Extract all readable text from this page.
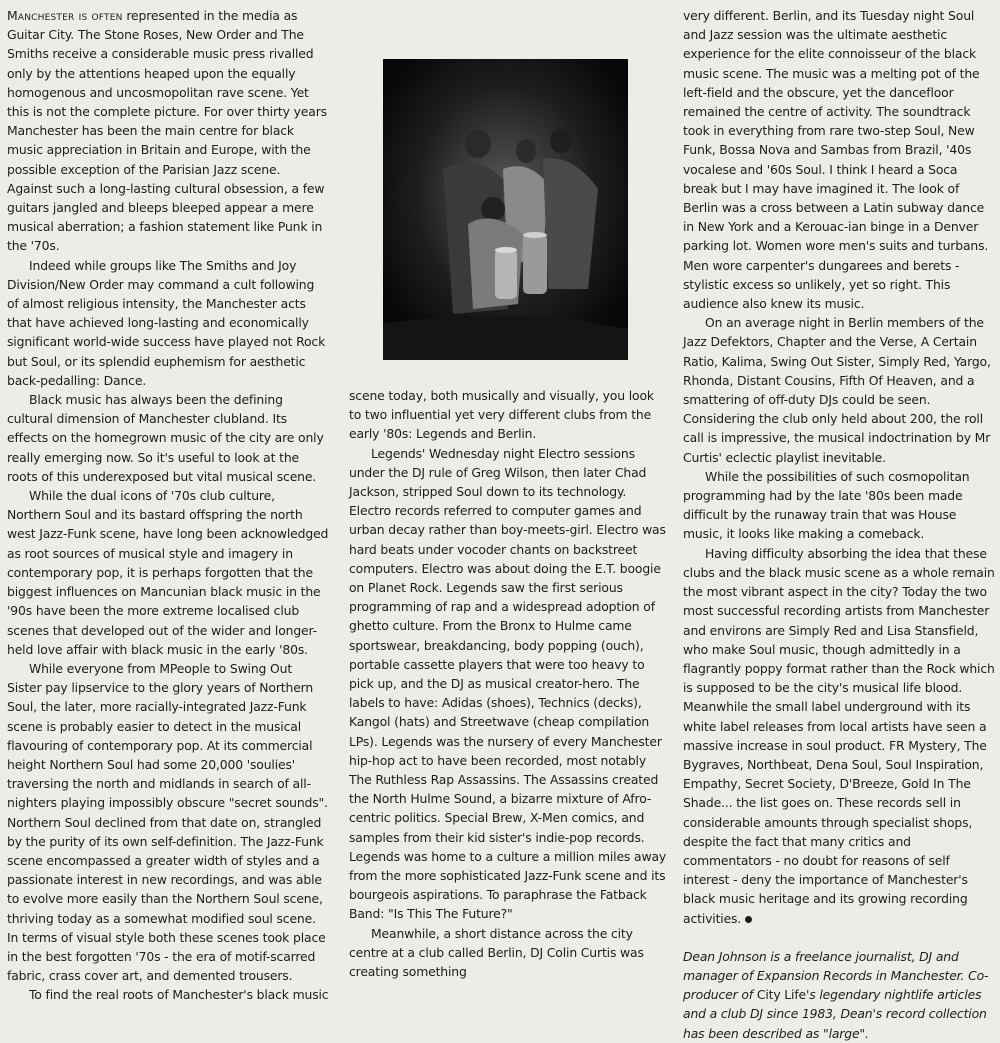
Manchester is often represented in the media as Guitar City. The Stone Roses, New Order and The Smiths receive a considerable music press rivalled only by the attentions heaped upon the equally homogenous and uncosmopolitan rave scene. Yet this is not the complete picture. For over thirty years Manchester has been the main centre for black music appreciation in Britain and Europe, with the possible exception of the Parisian Jazz scene. Against such a long-lasting cultural obsession, a few guitars jangled and bleeps bleeped appear a mere musical aberration; a fashion statement like Punk in the '70s.

Indeed while groups like The Smiths and Joy Division/New Order may command a cult following of almost religious intensity, the Manchester acts that have achieved long-lasting and economically significant world-wide success have played not Rock but Soul, or its splendid euphemism for aesthetic back-pedalling: Dance.

Black music has always been the defining cultural dimension of Manchester clubland. Its effects on the homegrown music of the city are only really emerging now. So it's useful to look at the roots of this underexposed but vital musical scene.

While the dual icons of '70s club culture, Northern Soul and its bastard offspring the north west Jazz-Funk scene, have long been acknowledged as root sources of musical style and imagery in contemporary pop, it is perhaps forgotten that the biggest influences on Mancunian black music in the '90s have been the more extreme localised club scenes that developed out of the wider and longer-held love affair with black music in the early '80s.

While everyone from MPeople to Swing Out Sister pay lipservice to the glory years of Northern Soul, the later, more racially-integrated Jazz-Funk scene is probably easier to detect in the musical flavouring of contemporary pop. At its commercial height Northern Soul had some 20,000 'soulies' traversing the north and midlands in search of all-nighters playing impossibly obscure "secret sounds". Northern Soul declined from that date on, strangled by the purity of its own self-definition. The Jazz-Funk scene encompassed a greater width of styles and a passionate interest in new recordings, and was able to evolve more easily than the Northern Soul scene, thriving today as a somewhat modified soul scene. In terms of visual style both these scenes took place in the best forgotten '70s - the era of motif-scarred fabric, crass cover art, and demented trousers.

To find the real roots of Manchester's black music

scene today, both musically and visually, you look to two influential yet very different clubs from the early '80s: Legends and Berlin.

Legends' Wednesday night Electro sessions under the DJ rule of Greg Wilson, then later Chad Jackson, stripped Soul down to its technology. Electro records referred to computer games and urban decay rather than boy-meets-girl. Electro was hard beats under vocoder chants on backstreet computers. Electro was about doing the E.T. boogie on Planet Rock. Legends saw the first serious programming of rap and a widespread adoption of ghetto culture. From the Bronx to Hulme came sportswear, breakdancing, body popping (ouch), portable cassette players that were too heavy to pick up, and the DJ as musical creator-hero. The labels to have: Adidas (shoes), Technics (decks), Kangol (hats) and Streetwave (cheap compilation LPs). Legends was the nursery of every Manchester hip-hop act to have been recorded, most notably The Ruthless Rap Assassins. The Assassins created the North Hulme Sound, a bizarre mixture of Afro-centric politics. Special Brew, X-Men comics, and samples from their kid sister's indie-pop records. Legends was home to a culture a million miles away from the more sophisticated Jazz-Funk scene and its bourgeois aspirations. To paraphrase the Fatback Band: "Is This The Future?"

Meanwhile, a short distance across the city centre at a club called Berlin, DJ Colin Curtis was creating something

very different. Berlin, and its Tuesday night Soul and Jazz session was the ultimate aesthetic experience for the elite connoisseur of the black music scene. The music was a melting pot of the left-field and the obscure, yet the dancefloor remained the centre of activity. The soundtrack took in everything from rare two-step Soul, New Funk, Bossa Nova and Sambas from Brazil, '40s vocalese and '60s Soul. I think I heard a Soca break but I may have imagined it. The look of Berlin was a cross between a Latin subway dance in New York and a Kerouac-ian binge in a Denver parking lot. Women wore men's suits and turbans. Men wore carpenter's dungarees and berets - stylistic excess so unlikely, yet so right. This audience also knew its music.

On an average night in Berlin members of the Jazz Defektors, Chapter and the Verse, A Certain Ratio, Kalima, Swing Out Sister, Simply Red, Yargo, Rhonda, Distant Cousins, Fifth Of Heaven, and a smattering of off-duty DJs could be seen. Considering the club only held about 200, the roll call is impressive, the musical indoctrination by Mr Curtis' eclectic playlist inevitable.

While the possibilities of such cosmopolitan programming had by the late '80s been made difficult by the runaway train that was House music, it looks like making a comeback.

Having difficulty absorbing the idea that these clubs and the black music scene as a whole remain the most vibrant aspect in the city? Today the two most successful recording artists from Manchester and environs are Simply Red and Lisa Stansfield, who make Soul music, though admittedly in a flagrantly poppy format rather than the Rock which is supposed to be the city's musical life blood. Meanwhile the small label underground with its white label releases from local artists have seen a massive increase in soul product. FR Mystery, The Bygraves, Northbeat, Dena Soul, Soul Inspiration, Empathy, Secret Society, D'Breeze, Gold In The Shade... the list goes on. These records sell in considerable amounts through specialist shops, despite the fact that many critics and commentators - no doubt for reasons of self interest - deny the importance of Manchester's black music heritage and its growing recording activities.

Dean Johnson is a freelance journalist, DJ and manager of Expansion Records in Manchester. Co-producer of City Life's legendary nightlife articles and a club DJ since 1983, Dean's record collection has been described as "large".
